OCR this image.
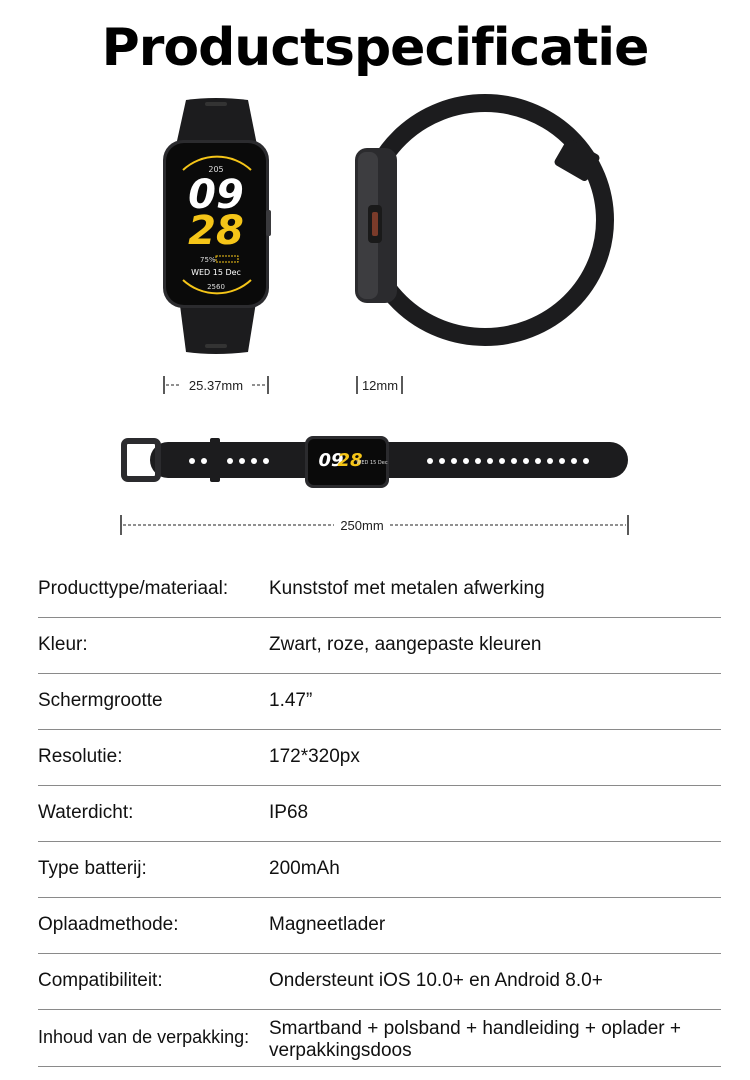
Productspecificatie
205
09
28
75%
WED 15 Dec
2560
25.37mm	12mm
09
28
WED 15 Dec
250mm
Producttype/materiaal: Kunststof met metalen afwerking
Kleur:	Zwart, roze, aangepaste kleuren
Schermgrootte	1.47”
Resolutie:	172*320px
Waterdicht:	IP68
Type batterij:	200mAh
Oplaadmethode:	Magneetlader
Compatibiliteit:	Ondersteunt iOS 10.0+ en Android 8.0+
Inhoud van de verpakking: Smartband + polsband + handleiding + oplader + verpakkingsdoos
